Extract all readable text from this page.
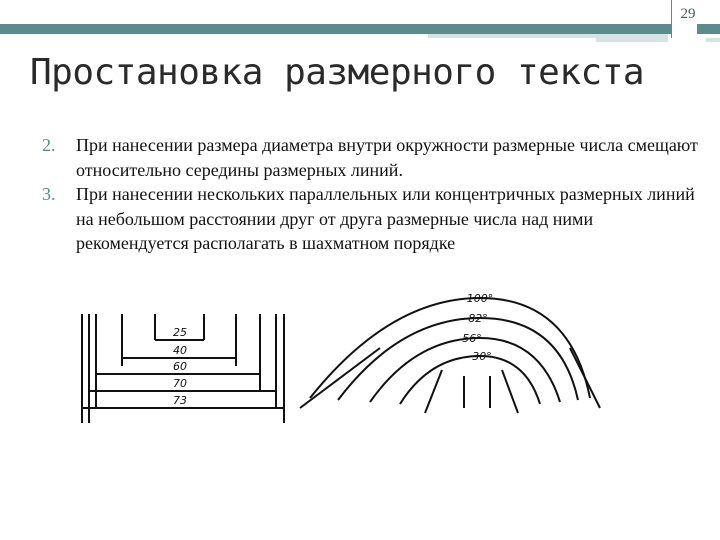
29
Простановка размерного текста
2. При нанесении размера диаметра внутри окружности размерные числа смещают относительно середины размерных линий.
3. При нанесении нескольких параллельных или концентричных размерных линий на небольшом расстоянии друг от друга размерные числа над ними рекомендуется располагать в шахматном порядке
25
40
60
70
73
100°
82°
56°
30°
